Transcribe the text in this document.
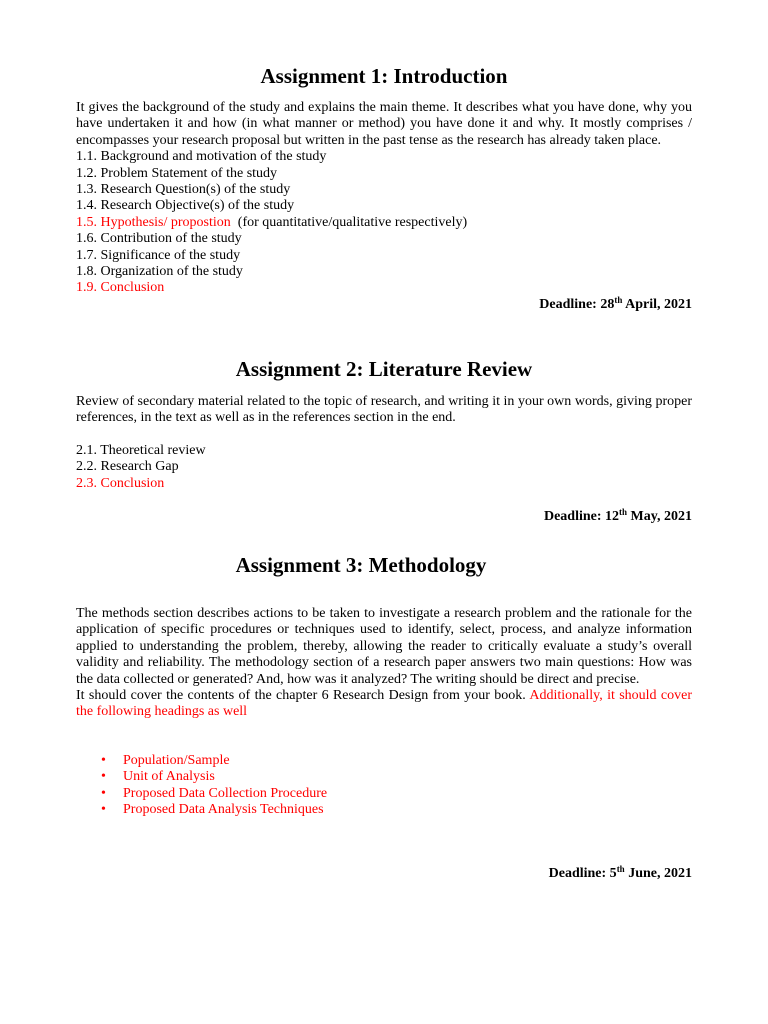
Assignment 1: Introduction

It gives the background of the study and explains the main theme. It describes what you have done, why you have undertaken it and how (in what manner or method) you have done it and why. It mostly comprises / encompasses your research proposal but written in the past tense as the research has already taken place.

1.1. Background and motivation of the study
1.2. Problem Statement of the study
1.3. Research Question(s) of the study
1.4. Research Objective(s) of the study
1.5. Hypothesis/ propostion  (for quantitative/qualitative respectively)
1.6. Contribution of the study
1.7. Significance of the study
1.8. Organization of the study
1.9. Conclusion
Deadline: 28th April, 2021
Assignment 2: Literature Review

Review of secondary material related to the topic of research, and writing it in your own words, giving proper references, in the text as well as in the references section in the end.

2.1. Theoretical review
2.2. Research Gap
2.3. Conclusion
Deadline: 12th May, 2021
Assignment 3: Methodology

The methods section describes actions to be taken to investigate a research problem and the rationale for the application of specific procedures or techniques used to identify, select, process, and analyze information applied to understanding the problem, thereby, allowing the reader to critically evaluate a study’s overall validity and reliability. The methodology section of a research paper answers two main questions: How was the data collected or generated? And, how was it analyzed? The writing should be direct and precise.

It should cover the contents of the chapter 6 Research Design from your book. Additionally, it should cover the following headings as well

• Population/Sample
• Unit of Analysis
• Proposed Data Collection Procedure
• Proposed Data Analysis Techniques
Deadline: 5th June, 2021
